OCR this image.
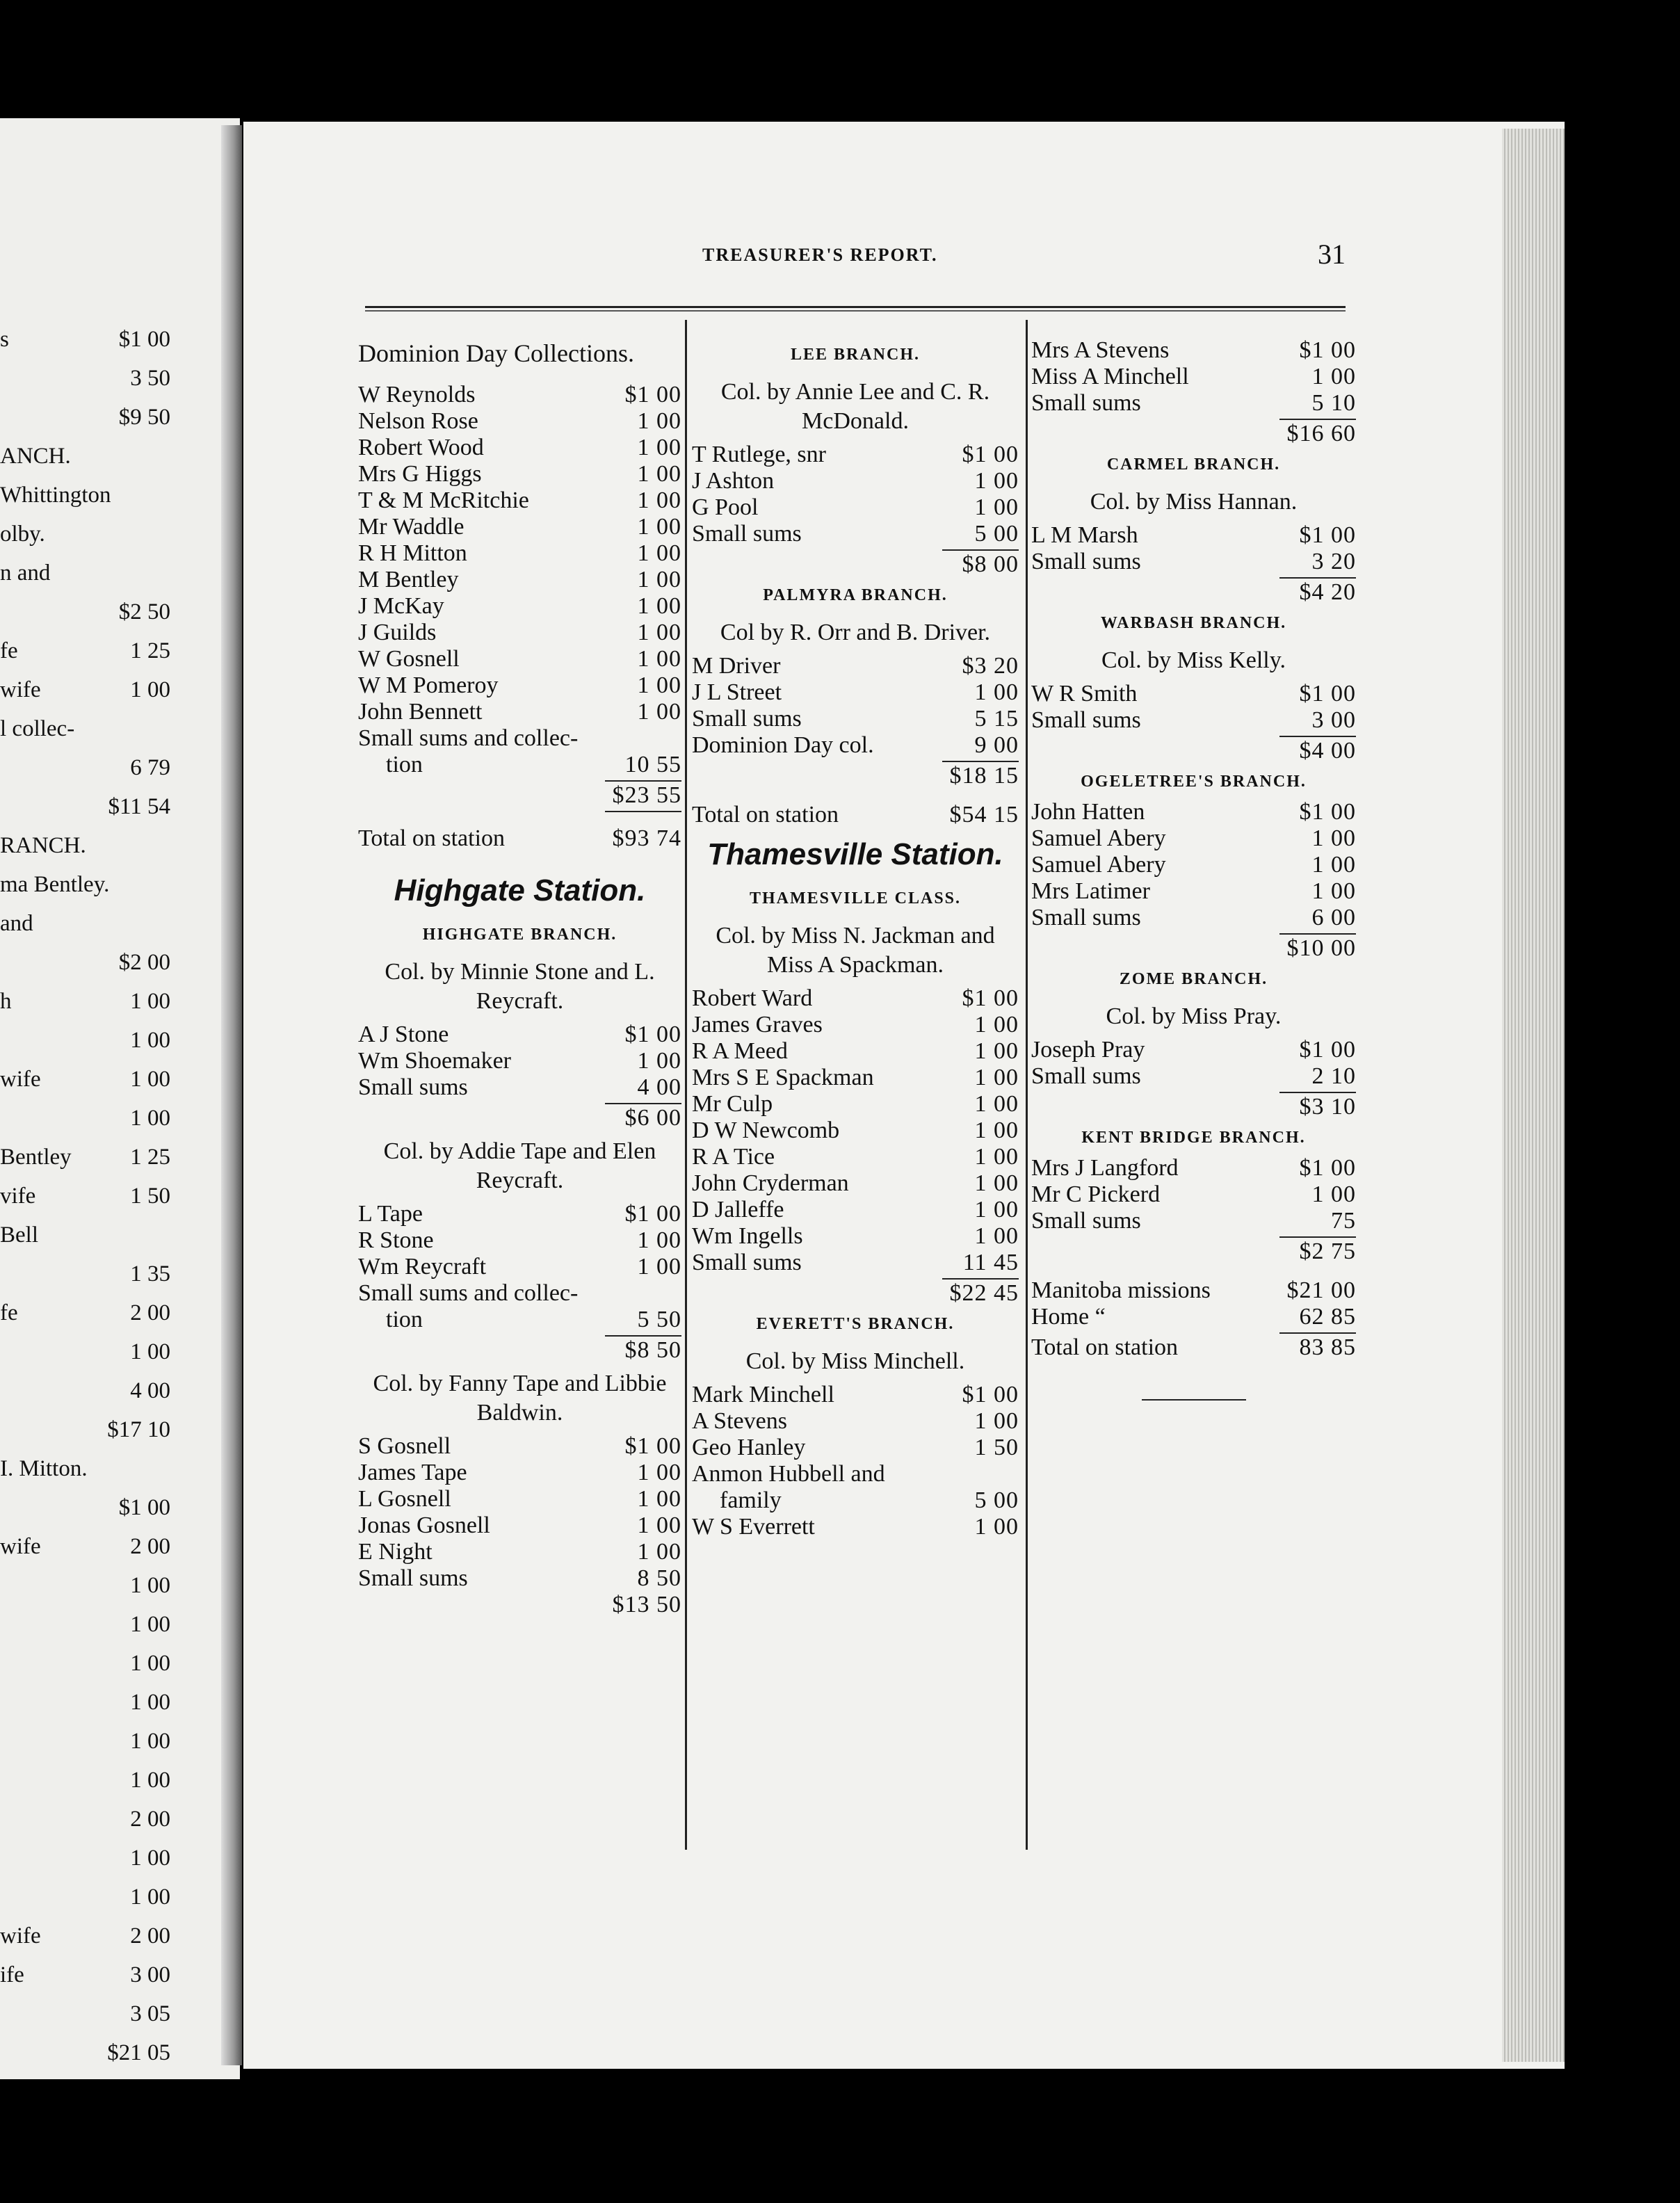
s	$1 00
3 50
$9 50
ANCH.
Whittington
olby.
n and
$2 50
fe	1 25
wife	1 00
l collec-
6 79
$11 54
RANCH.
ma Bentley.
and
$2 00
h	1 00
1 00
wife	1 00
1 00
Bentley	1 25
vife	1 50
Bell
1 35
fe	2 00
1 00
4 00
$17 10
I. Mitton.
$1 00
wife	2 00
1 00
1 00
1 00
1 00
1 00
1 00
2 00
1 00
1 00
wife	2 00
ife	3 00
3 05
$21 05
TREASURER'S REPORT.	31
Dominion Day Collections.
W Reynolds	$1 00
Nelson Rose	1 00
Robert Wood	1 00
Mrs G Higgs	1 00
T & M McRitchie	1 00
Mr Waddle	1 00
R H Mitton	1 00
M Bentley	1 00
J McKay	1 00
J Guilds	1 00
W Gosnell	1 00
W M Pomeroy	1 00
John Bennett	1 00
Small sums and collec-
tion	10 55
$23 55
Total on station	$93 74
Highgate Station.
HIGHGATE BRANCH.
Col. by Minnie Stone and L. Reycraft.
A J Stone	$1 00
Wm Shoemaker	1 00
Small sums	4 00
$6 00
Col. by Addie Tape and Elen Reycraft.
L Tape	$1 00
R Stone	1 00
Wm Reycraft	1 00
Small sums and collec-
tion	5 50
$8 50
Col. by Fanny Tape and Libbie Baldwin.
S Gosnell	$1 00
James Tape	1 00
L Gosnell	1 00
Jonas Gosnell	1 00
E Night	1 00
Small sums	8 50
$13 50
LEE BRANCH.
Col. by Annie Lee and C. R. McDonald.
T Rutlege, snr	$1 00
J Ashton	1 00
G Pool	1 00
Small sums	5 00
$8 00
PALMYRA BRANCH.
Col by R. Orr and B. Driver.
M Driver	$3 20
J L Street	1 00
Small sums	5 15
Dominion Day col.	9 00
$18 15
Total on station	$54 15
Thamesville Station.
THAMESVILLE CLASS.
Col. by Miss N. Jackman and Miss A Spackman.
Robert Ward	$1 00
James Graves	1 00
R A Meed	1 00
Mrs S E Spackman	1 00
Mr Culp	1 00
D W Newcomb	1 00
R A Tice	1 00
John Cryderman	1 00
D Jalleffe	1 00
Wm Ingells	1 00
Small sums	11 45
$22 45
EVERETT'S BRANCH.
Col. by Miss Minchell.
Mark Minchell	$1 00
A Stevens	1 00
Geo Hanley	1 50
Anmon Hubbell and
family	5 00
W S Everrett	1 00
Mrs A Stevens	$1 00
Miss A Minchell	1 00
Small sums	5 10
$16 60
CARMEL BRANCH.
Col. by Miss Hannan.
L M Marsh	$1 00
Small sums	3 20
$4 20
WARBASH BRANCH.
Col. by Miss Kelly.
W R Smith	$1 00
Small sums	3 00
$4 00
OGELETREE'S BRANCH.
John Hatten	$1 00
Samuel Abery	1 00
Samuel Abery	1 00
Mrs Latimer	1 00
Small sums	6 00
$10 00
ZOME BRANCH.
Col. by Miss Pray.
Joseph Pray	$1 00
Small sums	2 10
$3 10
KENT BRIDGE BRANCH.
Mrs J Langford	$1 00
Mr C Pickerd	1 00
Small sums	75
$2 75
Manitoba missions	$21 00
Home “	62 85
Total on station	83 85
